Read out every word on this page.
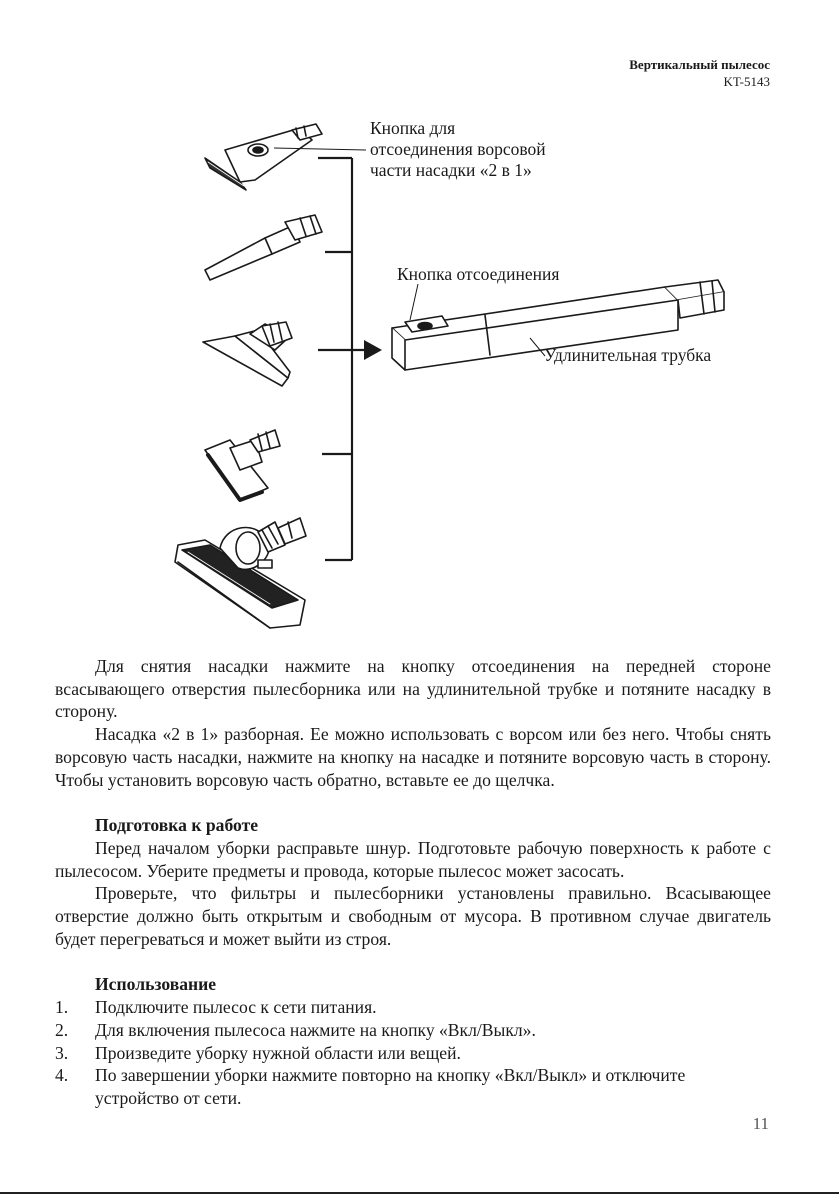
Вертикальный пылесос
KT-5143
Кнопка для
отсоединения ворсовой
части насадки «2 в 1»
Кнопка отсоединения
Удлинительная трубка

Для снятия насадки нажмите на кнопку отсоединения на передней стороне всасывающего отверстия пылесборника или на удлинительной трубке и потяните насадку в сторону.

Насадка «2 в 1» разборная. Ее можно использовать с ворсом или без него. Чтобы снять ворсовую часть насадки, нажмите на кнопку на насадке и потяните ворсовую часть в сторону. Чтобы установить ворсовую часть обратно, вставьте ее до щелчка.

Подготовка к работе

Перед началом уборки расправьте шнур. Подготовьте рабочую поверхность к работе с пылесосом. Уберите предметы и провода, которые пылесос может засосать.

Проверьте, что фильтры и пылесборники установлены правильно. Всасывающее отверстие должно быть открытым и свободным от мусора. В противном случае двигатель будет перегреваться и может выйти из строя.

Использование
1.	Подключите пылесос к сети питания.
2.	Для включения пылесоса нажмите на кнопку «Вкл/Выкл».
3.	Произведите уборку нужной области или вещей.
4.	По завершении уборки нажмите повторно на кнопку «Вкл/Выкл» и отключите устройство от сети.
11
